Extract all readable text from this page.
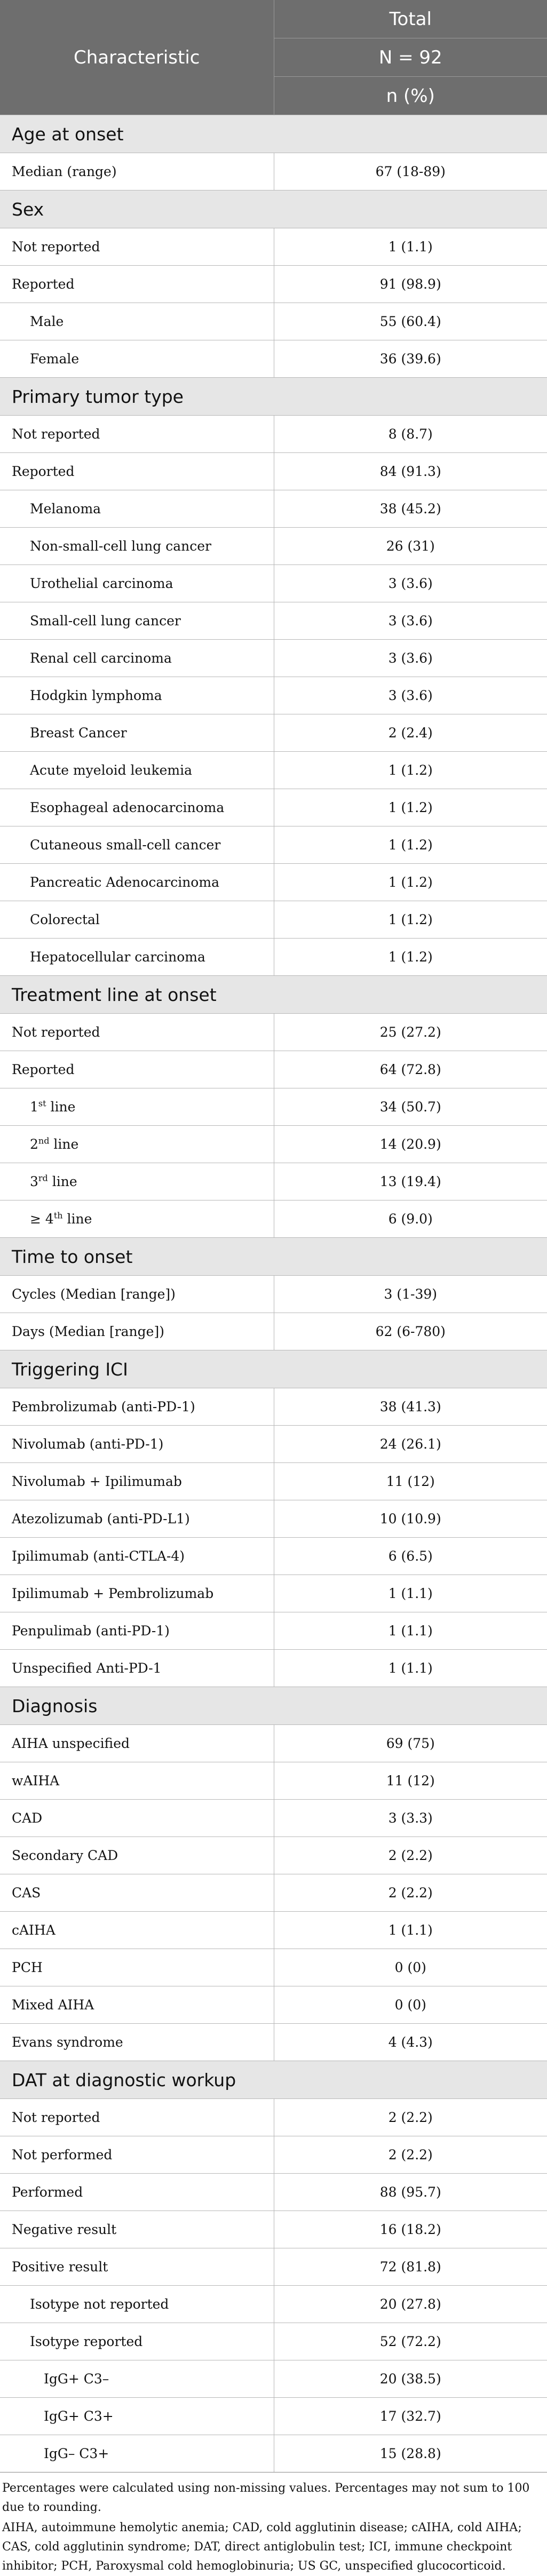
Characteristic	Total
	N = 92
	n (%)
Age at onset	
Median (range)	67 (18-89)
Sex	
Not reported	1 (1.1)
Reported	91 (98.9)
Male	55 (60.4)
Female	36 (39.6)
Primary tumor type	
Not reported	8 (8.7)
Reported	84 (91.3)
Melanoma	38 (45.2)
Non-small-cell lung cancer	26 (31)
Urothelial carcinoma	3 (3.6)
Small-cell lung cancer	3 (3.6)
Renal cell carcinoma	3 (3.6)
Hodgkin lymphoma	3 (3.6)
Breast Cancer	2 (2.4)
Acute myeloid leukemia	1 (1.2)
Esophageal adenocarcinoma	1 (1.2)
Cutaneous small-cell cancer	1 (1.2)
Pancreatic Adenocarcinoma	1 (1.2)
Colorectal	1 (1.2)
Hepatocellular carcinoma	1 (1.2)
Treatment line at onset	
Not reported	25 (27.2)
Reported	64 (72.8)
1st line	34 (50.7)
2nd line	14 (20.9)
3rd line	13 (19.4)
≥ 4th line	6 (9.0)
Time to onset	
Cycles (Median [range])	3 (1-39)
Days (Median [range])	62 (6-780)
Triggering ICI	
Pembrolizumab (anti-PD-1)	38 (41.3)
Nivolumab (anti-PD-1)	24 (26.1)
Nivolumab + Ipilimumab	11 (12)
Atezolizumab (anti-PD-L1)	10 (10.9)
Ipilimumab (anti-CTLA-4)	6 (6.5)
Ipilimumab + Pembrolizumab	1 (1.1)
Penpulimab (anti-PD-1)	1 (1.1)
Unspecified Anti-PD-1	1 (1.1)
Diagnosis	
AIHA unspecified	69 (75)
wAIHA	11 (12)
CAD	3 (3.3)
Secondary CAD	2 (2.2)
CAS	2 (2.2)
cAIHA	1 (1.1)
PCH	0 (0)
Mixed AIHA	0 (0)
Evans syndrome	4 (4.3)
DAT at diagnostic workup	
Not reported	2 (2.2)
Not performed	2 (2.2)
Performed	88 (95.7)
Negative result	16 (18.2)
Positive result	72 (81.8)
Isotype not reported	20 (27.8)
Isotype reported	52 (72.2)
IgG+ C3–	20 (38.5)
IgG+ C3+	17 (32.7)
IgG– C3+	15 (28.8)

Percentages were calculated using non-missing values. Percentages may not sum to 100 due to rounding.

AIHA, autoimmune hemolytic anemia; CAD, cold agglutinin disease; cAIHA, cold AIHA; CAS, cold agglutinin syndrome; DAT, direct antiglobulin test; ICI, immune checkpoint inhibitor; PCH, Paroxysmal cold hemoglobinuria; US GC, unspecified glucocorticoid.
